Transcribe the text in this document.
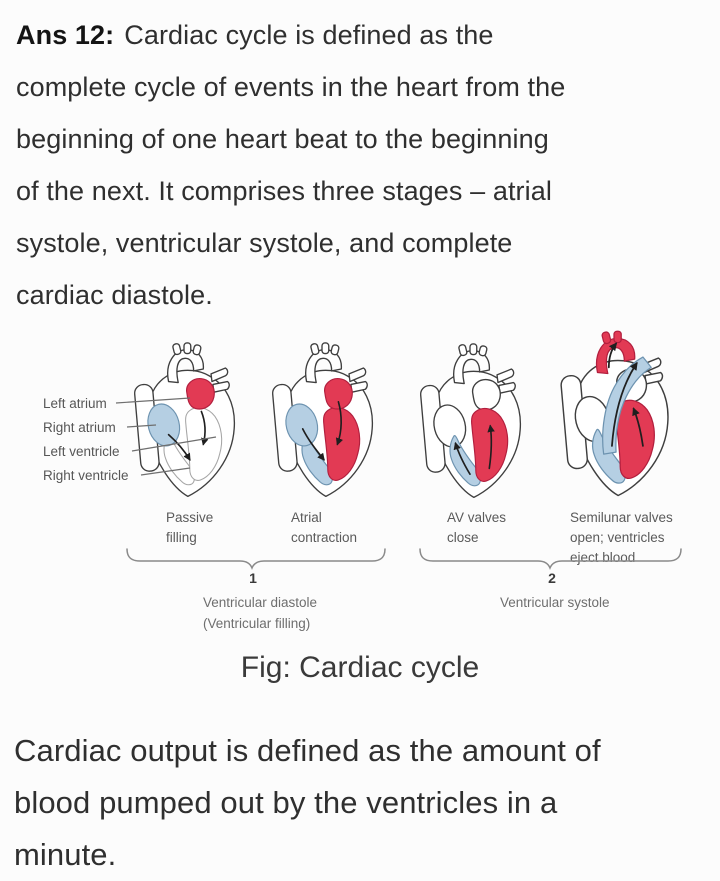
Ans 12: Cardiac cycle is defined as the
complete cycle of events in the heart from the
beginning of one heart beat to the beginning
of the next. It comprises three stages – atrial
systole, ventricular systole, and complete
cardiac diastole.
Left atrium
Right atrium
Left ventricle
Right ventricle
Passive
filling
Atrial
contraction
AV valves
close
Semilunar valves
open; ventricles
eject blood
1	2
Ventricular diastole
(Ventricular filling)
Ventricular systole
Fig: Cardiac cycle
Cardiac output is defined as the amount of
blood pumped out by the ventricles in a
minute.
